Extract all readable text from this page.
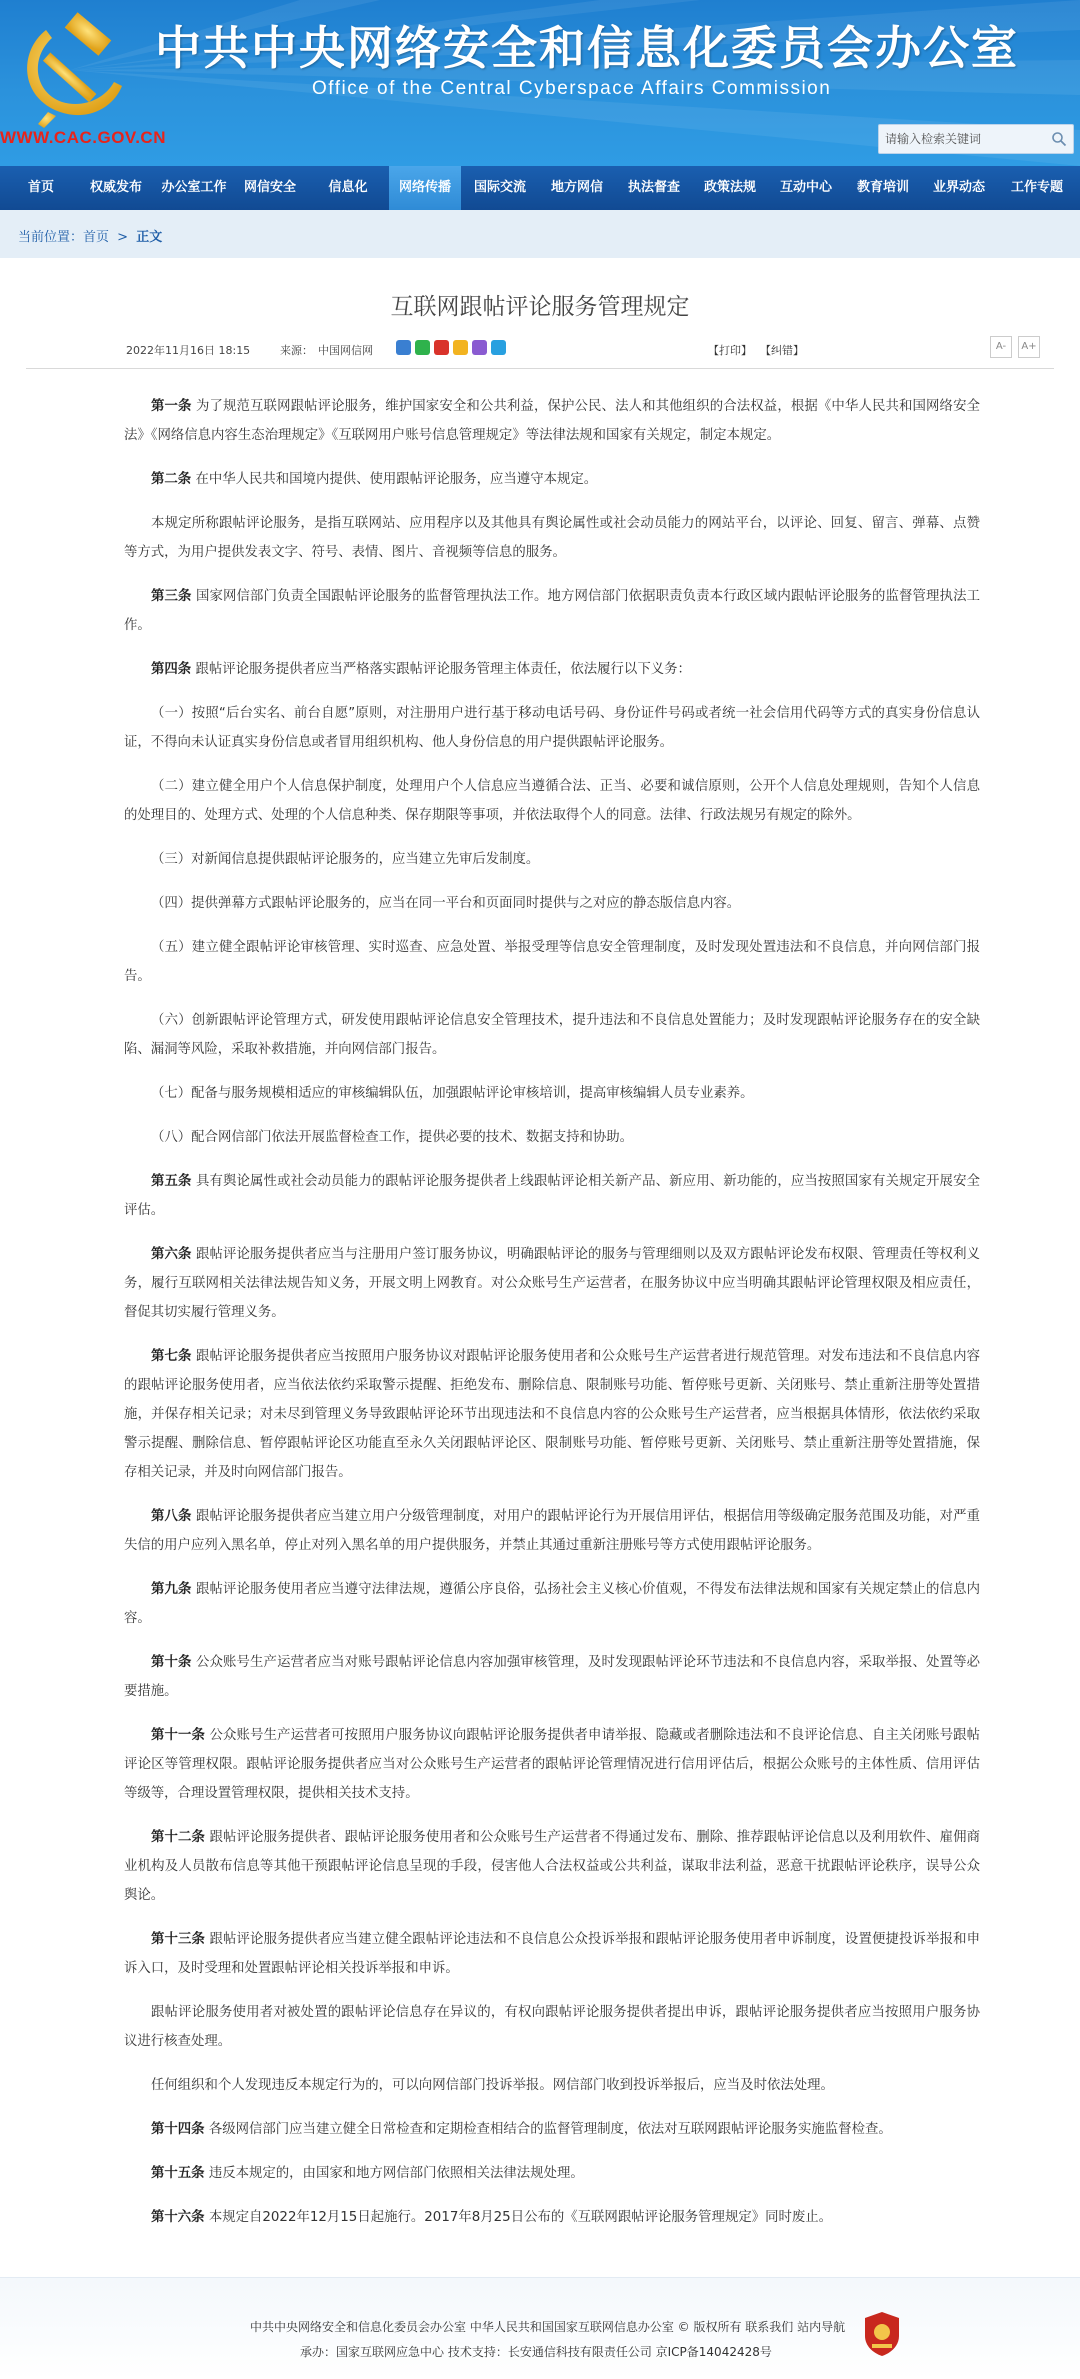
中共中央网络安全和信息化委员会办公室
Office of the Central Cyberspace Affairs Commission
WWW.CAC.GOV.CN
请输入检索关键词
首页	权威发布	办公室工作	网信安全	信息化	网络传播	国际交流	地方网信	执法督查	政策法规	互动中心	教育培训	业界动态	工作专题
当前位置：首页 > 正文
互联网跟帖评论服务管理规定
2022年11月16日 18:15	来源： 中国网信网	【打印】 【纠错】	A-	A+

第一条 为了规范互联网跟帖评论服务，维护国家安全和公共利益，保护公民、法人和其他组织的合法权益，根据《中华人民共和国网络安全法》《网络信息内容生态治理规定》《互联网用户账号信息管理规定》等法律法规和国家有关规定，制定本规定。

第二条 在中华人民共和国境内提供、使用跟帖评论服务，应当遵守本规定。

本规定所称跟帖评论服务，是指互联网站、应用程序以及其他具有舆论属性或社会动员能力的网站平台，以评论、回复、留言、弹幕、点赞等方式，为用户提供发表文字、符号、表情、图片、音视频等信息的服务。

第三条 国家网信部门负责全国跟帖评论服务的监督管理执法工作。地方网信部门依据职责负责本行政区域内跟帖评论服务的监督管理执法工作。

第四条 跟帖评论服务提供者应当严格落实跟帖评论服务管理主体责任，依法履行以下义务：

（一）按照“后台实名、前台自愿”原则，对注册用户进行基于移动电话号码、身份证件号码或者统一社会信用代码等方式的真实身份信息认证，不得向未认证真实身份信息或者冒用组织机构、他人身份信息的用户提供跟帖评论服务。

（二）建立健全用户个人信息保护制度，处理用户个人信息应当遵循合法、正当、必要和诚信原则，公开个人信息处理规则，告知个人信息的处理目的、处理方式、处理的个人信息种类、保存期限等事项，并依法取得个人的同意。法律、行政法规另有规定的除外。

（三）对新闻信息提供跟帖评论服务的，应当建立先审后发制度。

（四）提供弹幕方式跟帖评论服务的，应当在同一平台和页面同时提供与之对应的静态版信息内容。

（五）建立健全跟帖评论审核管理、实时巡查、应急处置、举报受理等信息安全管理制度，及时发现处置违法和不良信息，并向网信部门报告。

（六）创新跟帖评论管理方式，研发使用跟帖评论信息安全管理技术，提升违法和不良信息处置能力；及时发现跟帖评论服务存在的安全缺陷、漏洞等风险，采取补救措施，并向网信部门报告。

（七）配备与服务规模相适应的审核编辑队伍，加强跟帖评论审核培训，提高审核编辑人员专业素养。

（八）配合网信部门依法开展监督检查工作，提供必要的技术、数据支持和协助。

第五条 具有舆论属性或社会动员能力的跟帖评论服务提供者上线跟帖评论相关新产品、新应用、新功能的，应当按照国家有关规定开展安全评估。

第六条 跟帖评论服务提供者应当与注册用户签订服务协议，明确跟帖评论的服务与管理细则以及双方跟帖评论发布权限、管理责任等权利义务，履行互联网相关法律法规告知义务，开展文明上网教育。对公众账号生产运营者，在服务协议中应当明确其跟帖评论管理权限及相应责任，督促其切实履行管理义务。

第七条 跟帖评论服务提供者应当按照用户服务协议对跟帖评论服务使用者和公众账号生产运营者进行规范管理。对发布违法和不良信息内容的跟帖评论服务使用者，应当依法依约采取警示提醒、拒绝发布、删除信息、限制账号功能、暂停账号更新、关闭账号、禁止重新注册等处置措施，并保存相关记录；对未尽到管理义务导致跟帖评论环节出现违法和不良信息内容的公众账号生产运营者，应当根据具体情形，依法依约采取警示提醒、删除信息、暂停跟帖评论区功能直至永久关闭跟帖评论区、限制账号功能、暂停账号更新、关闭账号、禁止重新注册等处置措施，保存相关记录，并及时向网信部门报告。

第八条 跟帖评论服务提供者应当建立用户分级管理制度，对用户的跟帖评论行为开展信用评估，根据信用等级确定服务范围及功能，对严重失信的用户应列入黑名单，停止对列入黑名单的用户提供服务，并禁止其通过重新注册账号等方式使用跟帖评论服务。

第九条 跟帖评论服务使用者应当遵守法律法规，遵循公序良俗，弘扬社会主义核心价值观，不得发布法律法规和国家有关规定禁止的信息内容。

第十条 公众账号生产运营者应当对账号跟帖评论信息内容加强审核管理，及时发现跟帖评论环节违法和不良信息内容，采取举报、处置等必要措施。

第十一条 公众账号生产运营者可按照用户服务协议向跟帖评论服务提供者申请举报、隐藏或者删除违法和不良评论信息、自主关闭账号跟帖评论区等管理权限。跟帖评论服务提供者应当对公众账号生产运营者的跟帖评论管理情况进行信用评估后，根据公众账号的主体性质、信用评估等级等，合理设置管理权限，提供相关技术支持。

第十二条 跟帖评论服务提供者、跟帖评论服务使用者和公众账号生产运营者不得通过发布、删除、推荐跟帖评论信息以及利用软件、雇佣商业机构及人员散布信息等其他干预跟帖评论信息呈现的手段，侵害他人合法权益或公共利益，谋取非法利益，恶意干扰跟帖评论秩序，误导公众舆论。

第十三条 跟帖评论服务提供者应当建立健全跟帖评论违法和不良信息公众投诉举报和跟帖评论服务使用者申诉制度，设置便捷投诉举报和申诉入口，及时受理和处置跟帖评论相关投诉举报和申诉。

跟帖评论服务使用者对被处置的跟帖评论信息存在异议的，有权向跟帖评论服务提供者提出申诉，跟帖评论服务提供者应当按照用户服务协议进行核查处理。

任何组织和个人发现违反本规定行为的，可以向网信部门投诉举报。网信部门收到投诉举报后，应当及时依法处理。

第十四条 各级网信部门应当建立健全日常检查和定期检查相结合的监督管理制度，依法对互联网跟帖评论服务实施监督检查。

第十五条 违反本规定的，由国家和地方网信部门依照相关法律法规处理。

第十六条 本规定自2022年12月15日起施行。2017年8月25日公布的《互联网跟帖评论服务管理规定》同时废止。

中共中央网络安全和信息化委员会办公室 中华人民共和国国家互联网信息办公室 © 版权所有 联系我们 站内导航
承办：国家互联网应急中心 技术支持：长安通信科技有限责任公司 京ICP备14042428号
